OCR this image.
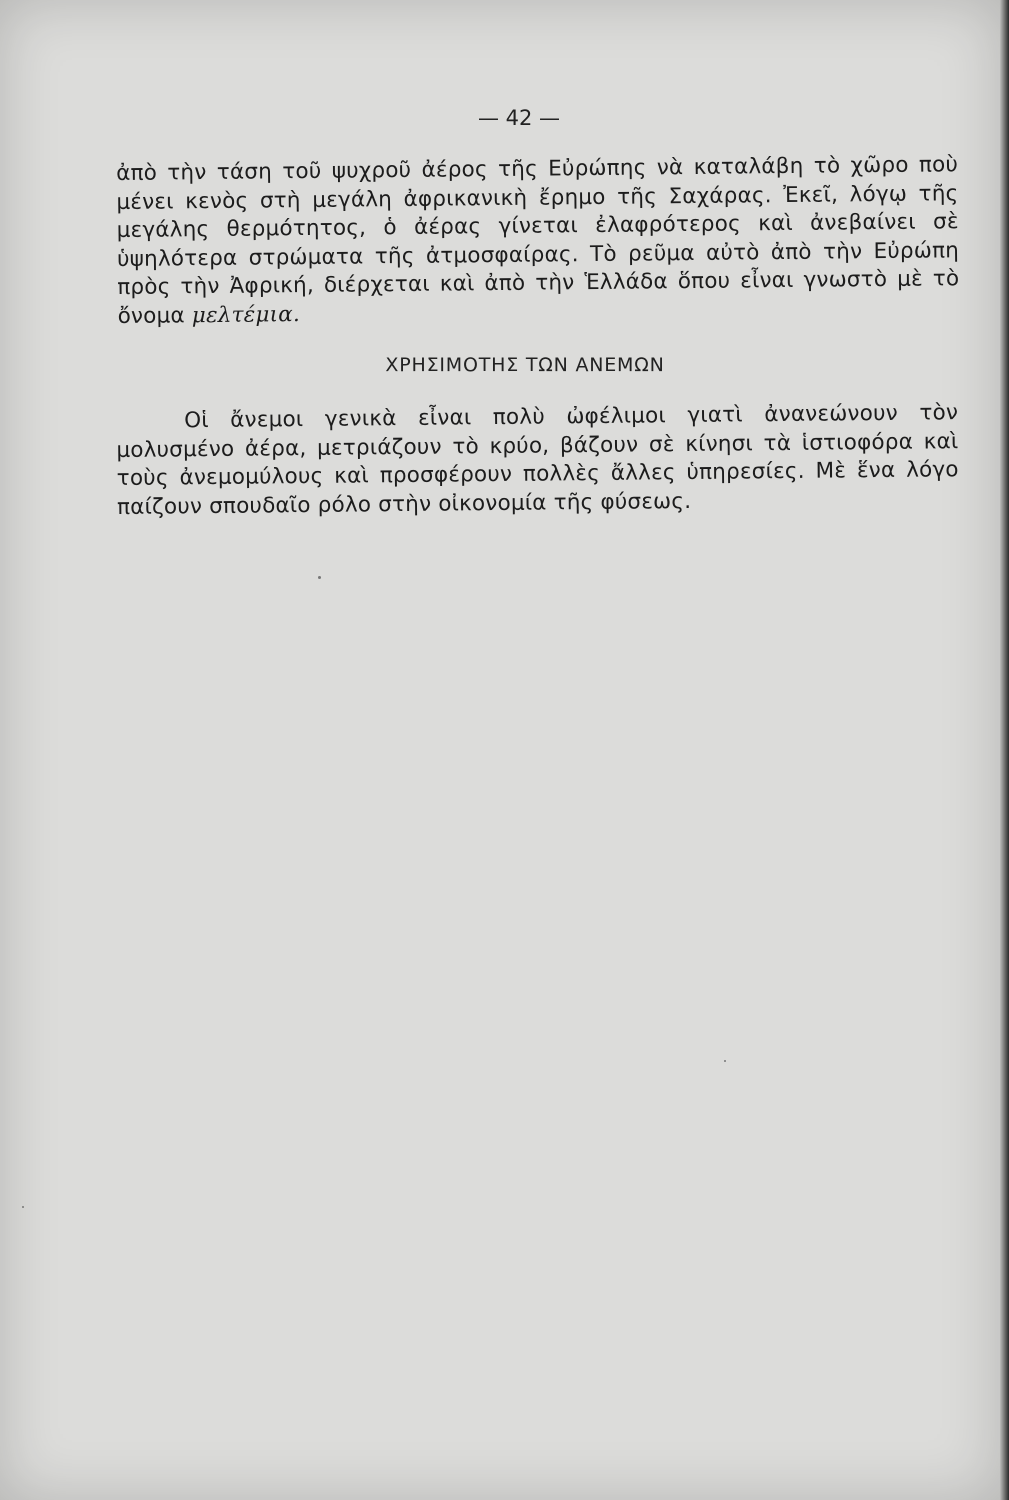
— 42 —
ἀπὸ τὴν τάση τοῦ ψυχροῦ ἀέρος τῆς Εὐρώπης νὰ καταλάβη τὸ χῶρο ποὺ μένει κενὸς στὴ μεγάλη ἀφρικανικὴ ἔρημο τῆς Σαχάρας. Ἐκεῖ, λόγῳ τῆς μεγάλης θερμότητος, ὁ ἀέρας γίνεται ἐλαφρότερος καὶ ἀνεβαίνει σὲ ὑψηλότερα στρώματα τῆς ἀτμοσφαίρας. Τὸ ρεῦμα αὐτὸ ἀπὸ τὴν Εὐρώπη πρὸς τὴν Ἀφρική, διέρχεται καὶ ἀπὸ τὴν Ἑλλάδα ὅπου εἶναι γνωστὸ μὲ τὸ ὄνομα μελτέμια.
ΧΡΗΣΙΜΟΤΗΣ ΤΩΝ ΑΝΕΜΩΝ
Οἱ ἄνεμοι γενικὰ εἶναι πολὺ ὠφέλιμοι γιατὶ ἀνανεώνουν τὸν μολυσμένο ἀέρα, μετριάζουν τὸ κρύο, βάζουν σὲ κίνησι τὰ ἱστιοφόρα καὶ τοὺς ἀνεμομύλους καὶ προσφέρουν πολλὲς ἄλλες ὑπηρεσίες. Μὲ ἕνα λόγο παίζουν σπουδαῖο ρόλο στὴν οἰκονομία τῆς φύσεως.
